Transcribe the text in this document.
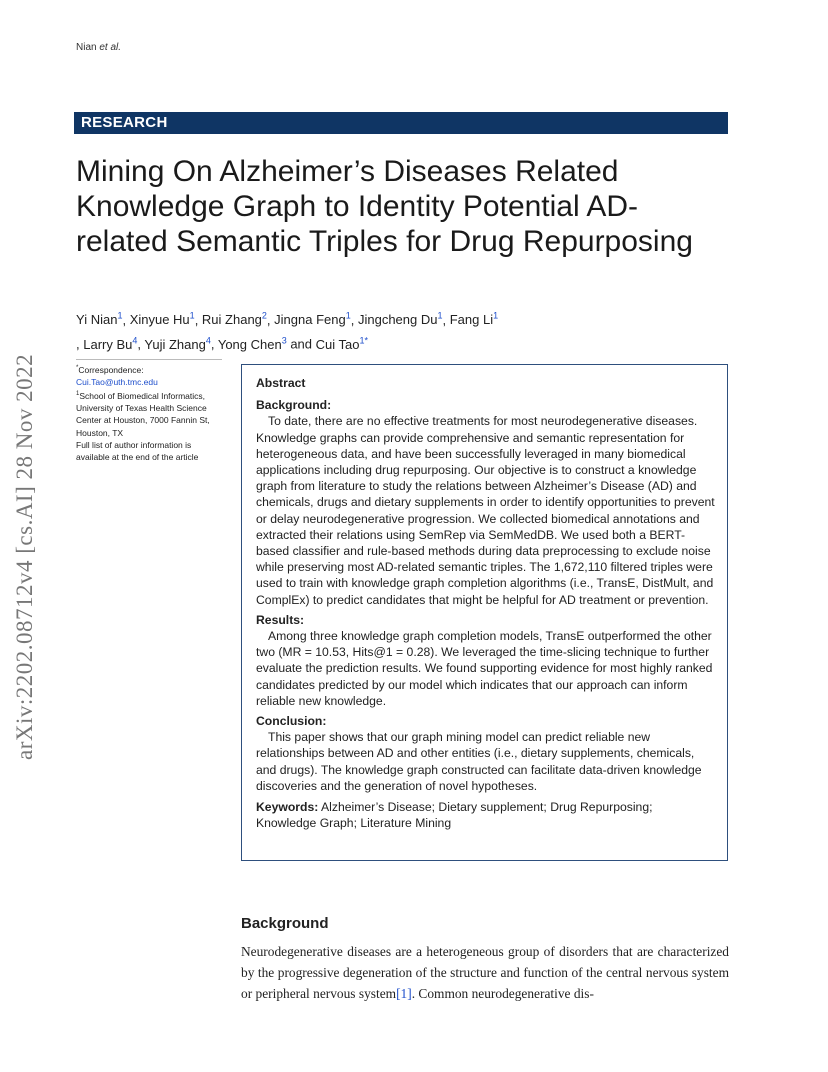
Nian et al.
RESEARCH
Mining On Alzheimer’s Diseases Related Knowledge Graph to Identity Potential AD-related Semantic Triples for Drug Repurposing
Yi Nian$^1$, Xinyue Hu$^1$, Rui Zhang$^2$, Jingna Feng$^1$, Jingcheng Du$^1$, Fang Li$^1$
, Larry Bu$^4$, Yuji Zhang$^4$, Yong Chen$^3$ and Cui Tao$^{1*}$
arXiv:2202.08712v4 [cs.AI] 28 Nov 2022	*Correspondence:
Cui.Tao@uth.tmc.edu
$^1$School of Biomedical Informatics, University of Texas Health Science Center at Houston, 7000 Fannin St, Houston, TX
Full list of author information is available at the end of the article
Abstract
Background:

To date, there are no effective treatments for most neurodegenerative diseases. Knowledge graphs can provide comprehensive and semantic representation for heterogeneous data, and have been successfully leveraged in many biomedical applications including drug repurposing. Our objective is to construct a knowledge graph from literature to study the relations between Alzheimer’s Disease (AD) and chemicals, drugs and dietary supplements in order to identify opportunities to prevent or delay neurodegenerative progression. We collected biomedical annotations and extracted their relations using SemRep via SemMedDB. We used both a BERT-based classifier and rule-based methods during data preprocessing to exclude noise while preserving most AD-related semantic triples. The 1,672,110 filtered triples were used to train with knowledge graph completion algorithms (i.e., TransE, DistMult, and ComplEx) to predict candidates that might be helpful for AD treatment or prevention.

Results:

Among three knowledge graph completion models, TransE outperformed the other two (MR = 10.53, Hits@1 = 0.28). We leveraged the time-slicing technique to further evaluate the prediction results. We found supporting evidence for most highly ranked candidates predicted by our model which indicates that our approach can inform reliable new knowledge.

Conclusion:

This paper shows that our graph mining model can predict reliable new relationships between AD and other entities (i.e., dietary supplements, chemicals, and drugs). The knowledge graph constructed can facilitate data-driven knowledge discoveries and the generation of novel hypotheses.

Keywords: Alzheimer’s Disease; Dietary supplement; Drug Repurposing; Knowledge Graph; Literature Mining
Background

Neurodegenerative diseases are a heterogeneous group of disorders that are characterized by the progressive degeneration of the structure and function of the central nervous system or peripheral nervous system[1]. Common neurodegenerative dis-
